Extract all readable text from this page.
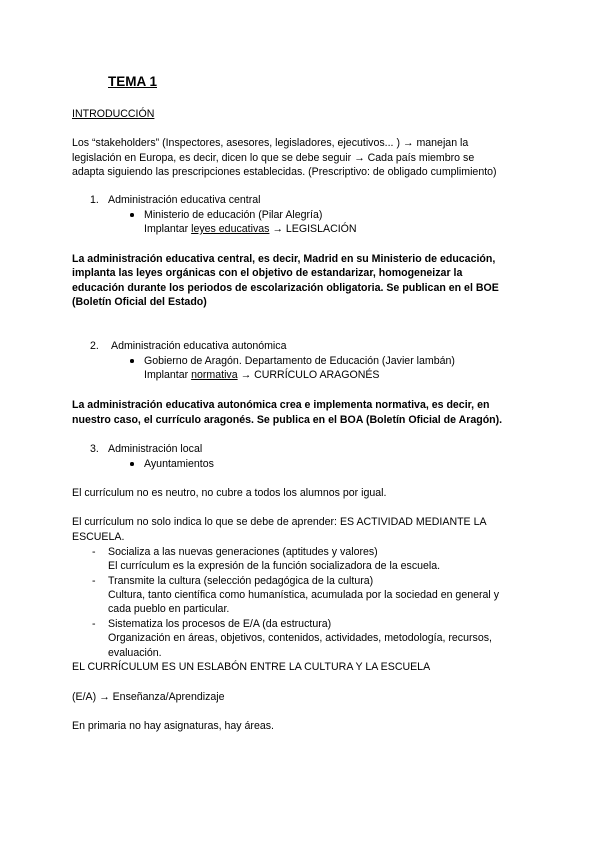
TEMA 1
INTRODUCCIÓN
Los “stakeholders” (Inspectores, asesores, legisladores, ejecutivos... ) → manejan la
legislación en Europa, es decir, dicen lo que se debe seguir → Cada país miembro se
adapta siguiendo las prescripciones establecidas. (Prescriptivo: de obligado cumplimiento)
1. Administración educativa central
Ministerio de educación (Pilar Alegría)
Implantar leyes educativas → LEGISLACIÓN
La administración educativa central, es decir, Madrid en su Ministerio de educación,
implanta las leyes orgánicas con el objetivo de estandarizar, homogeneizar la
educación durante los periodos de escolarización obligatoria. Se publican en el BOE
(Boletín Oficial del Estado)
2. Administración educativa autonómica
Gobierno de Aragón. Departamento de Educación (Javier lambán)
Implantar normativa → CURRÍCULO ARAGONÉS
La administración educativa autonómica crea e implementa normativa, es decir, en
nuestro caso, el currículo aragonés. Se publica en el BOA (Boletín Oficial de Aragón).
3. Administración local
Ayuntamientos
El currículum no es neutro, no cubre a todos los alumnos por igual.
El currículum no solo indica lo que se debe de aprender: ES ACTIVIDAD MEDIANTE LA
ESCUELA.
- Socializa a las nuevas generaciones (aptitudes y valores)
El currículum es la expresión de la función socializadora de la escuela.
- Transmite la cultura (selección pedagógica de la cultura)
Cultura, tanto científica como humanística, acumulada por la sociedad en general y
cada pueblo en particular.
- Sistematiza los procesos de E/A (da estructura)
Organización en áreas, objetivos, contenidos, actividades, metodología, recursos,
evaluación.
EL CURRÍCULUM ES UN ESLABÓN ENTRE LA CULTURA Y LA ESCUELA
(E/A) → Enseñanza/Aprendizaje
En primaria no hay asignaturas, hay áreas.
